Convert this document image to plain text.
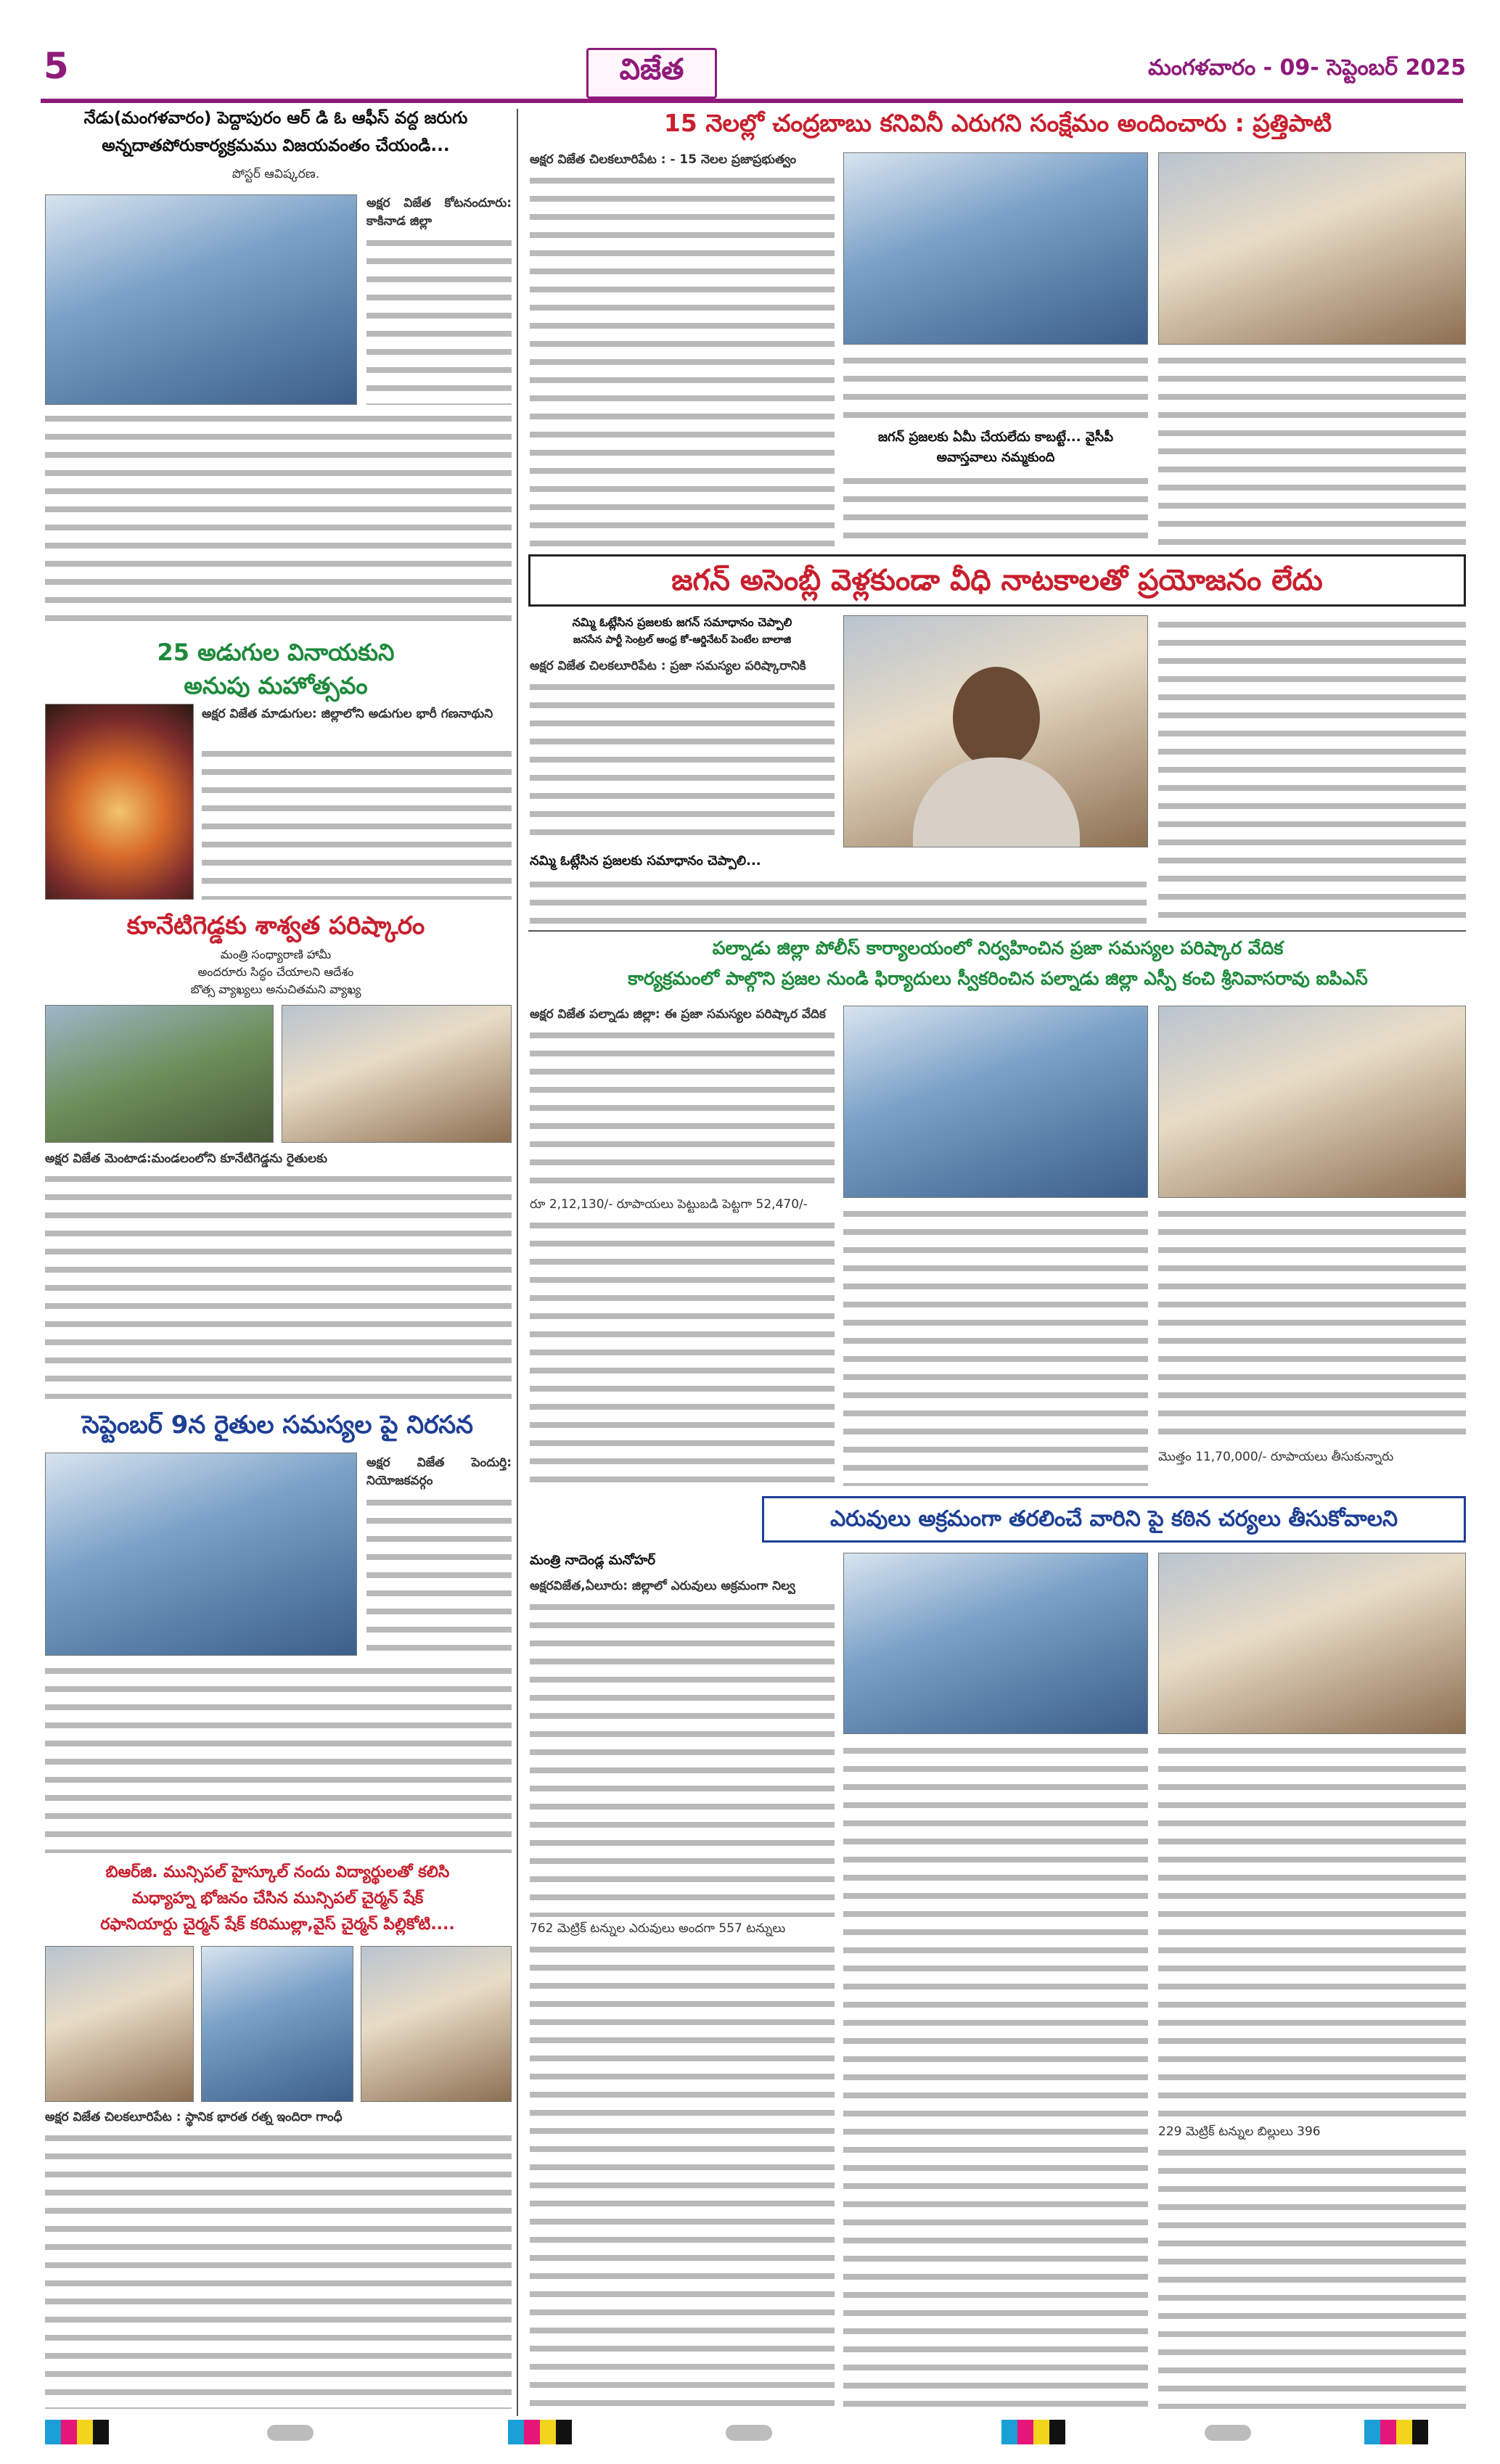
5	విజేత	మంగళవారం - 09- సెప్టెంబర్ 2025
నేడు(మంగళవారం) పెద్దాపురం ఆర్ డి ఓ ఆఫీస్ వద్ద జరుగు
అన్నదాతపోరుకార్యక్రమము విజయవంతం చేయండి...
పోస్టర్ ఆవిష్కరణ.
అక్షర విజేత కోటనందూరు: కాకినాడ జిల్లా
25 అడుగుల వినాయకుని
అనుపు మహోత్సవం
అక్షర విజేత మాడుగుల: జిల్లాలోని అడుగుల భారీ గణనాథుని
కూనేటిగెడ్డకు శాశ్వత పరిష్కారం
మంత్రి సంధ్యారాణి హామీ
అందరూరు సిద్ధం చేయాలని ఆదేశం
బొత్స వ్యాఖ్యలు అనుచితమని వ్యాఖ్య
అక్షర విజేత మెంటాడ:మండలంలోని కూనేటిగెడ్డను రైతులకు
సెప్టెంబర్ 9న రైతుల సమస్యల పై నిరసన
అక్షర విజేత పెందుర్తి: నియోజకవర్గం
బిఆర్‌జి. మున్సిపల్ హైస్కూల్ నందు విద్యార్థులతో కలిసి
మధ్యాహ్న భోజనం చేసిన మున్సిపల్ చైర్మన్ షేక్
రఫానియార్దు చైర్మన్ షేక్ కరిముల్లా,వైస్ చైర్మన్ పిల్లికోటి....
అక్షర విజేత చిలకలూరిపేట : స్థానిక భారత రత్న ఇందిరా గాంధీ
15 నెలల్లో చంద్రబాబు కనివినీ ఎరుగని సంక్షేమం అందించారు : ప్రత్తిపాటి
అక్షర విజేత చిలకలూరిపేట : - 15 నెలల ప్రజాప్రభుత్వం
జగన్ ప్రజలకు ఏమీ చేయలేదు కాబట్టే... వైసీపీ
అవాస్తవాలు నమ్మకుంది
జగన్ అసెంబ్లీ వెళ్లకుండా వీధి నాటకాలతో ప్రయోజనం లేదు
నమ్మి ఓట్లేసిన ప్రజలకు జగన్ సమాధానం చెప్పాలి
జనసేన పార్టీ సెంట్రల్ ఆంధ్ర కో-ఆర్డినేటర్ పెంటేల బాలాజి
అక్షర విజేత చిలకలూరిపేట : ప్రజా సమస్యల పరిష్కారానికి
నమ్మి ఓట్లేసిన ప్రజలకు సమాధానం చెప్పాలి...
పల్నాడు జిల్లా పోలీస్ కార్యాలయంలో నిర్వహించిన ప్రజా సమస్యల పరిష్కార వేదిక
కార్యక్రమంలో పాల్గొని ప్రజల నుండి ఫిర్యాదులు స్వీకరించిన పల్నాడు జిల్లా ఎస్పీ కంచి శ్రీనివాసరావు ఐపిఎస్
అక్షర విజేత పల్నాడు జిల్లా: ఈ ప్రజా సమస్యల పరిష్కార వేదిక
రూ 2,12,130/- రూపాయలు పెట్టుబడి పెట్టగా 52,470/-
మొత్తం 11,70,000/- రూపాయలు తీసుకున్నారు
ఎరువులు అక్రమంగా తరలించే వారిని పై కఠిన చర్యలు తీసుకోవాలని
మంత్రి నాదెండ్ల మనోహర్
అక్షరవిజేత,ఏలూరు: జిల్లాలో ఎరువులు అక్రమంగా నిల్వ
762 మెట్రిక్ టన్నుల ఎరువులు అందగా 557 టన్నులు
229 మెట్రిక్ టన్నుల బిల్లులు 396
